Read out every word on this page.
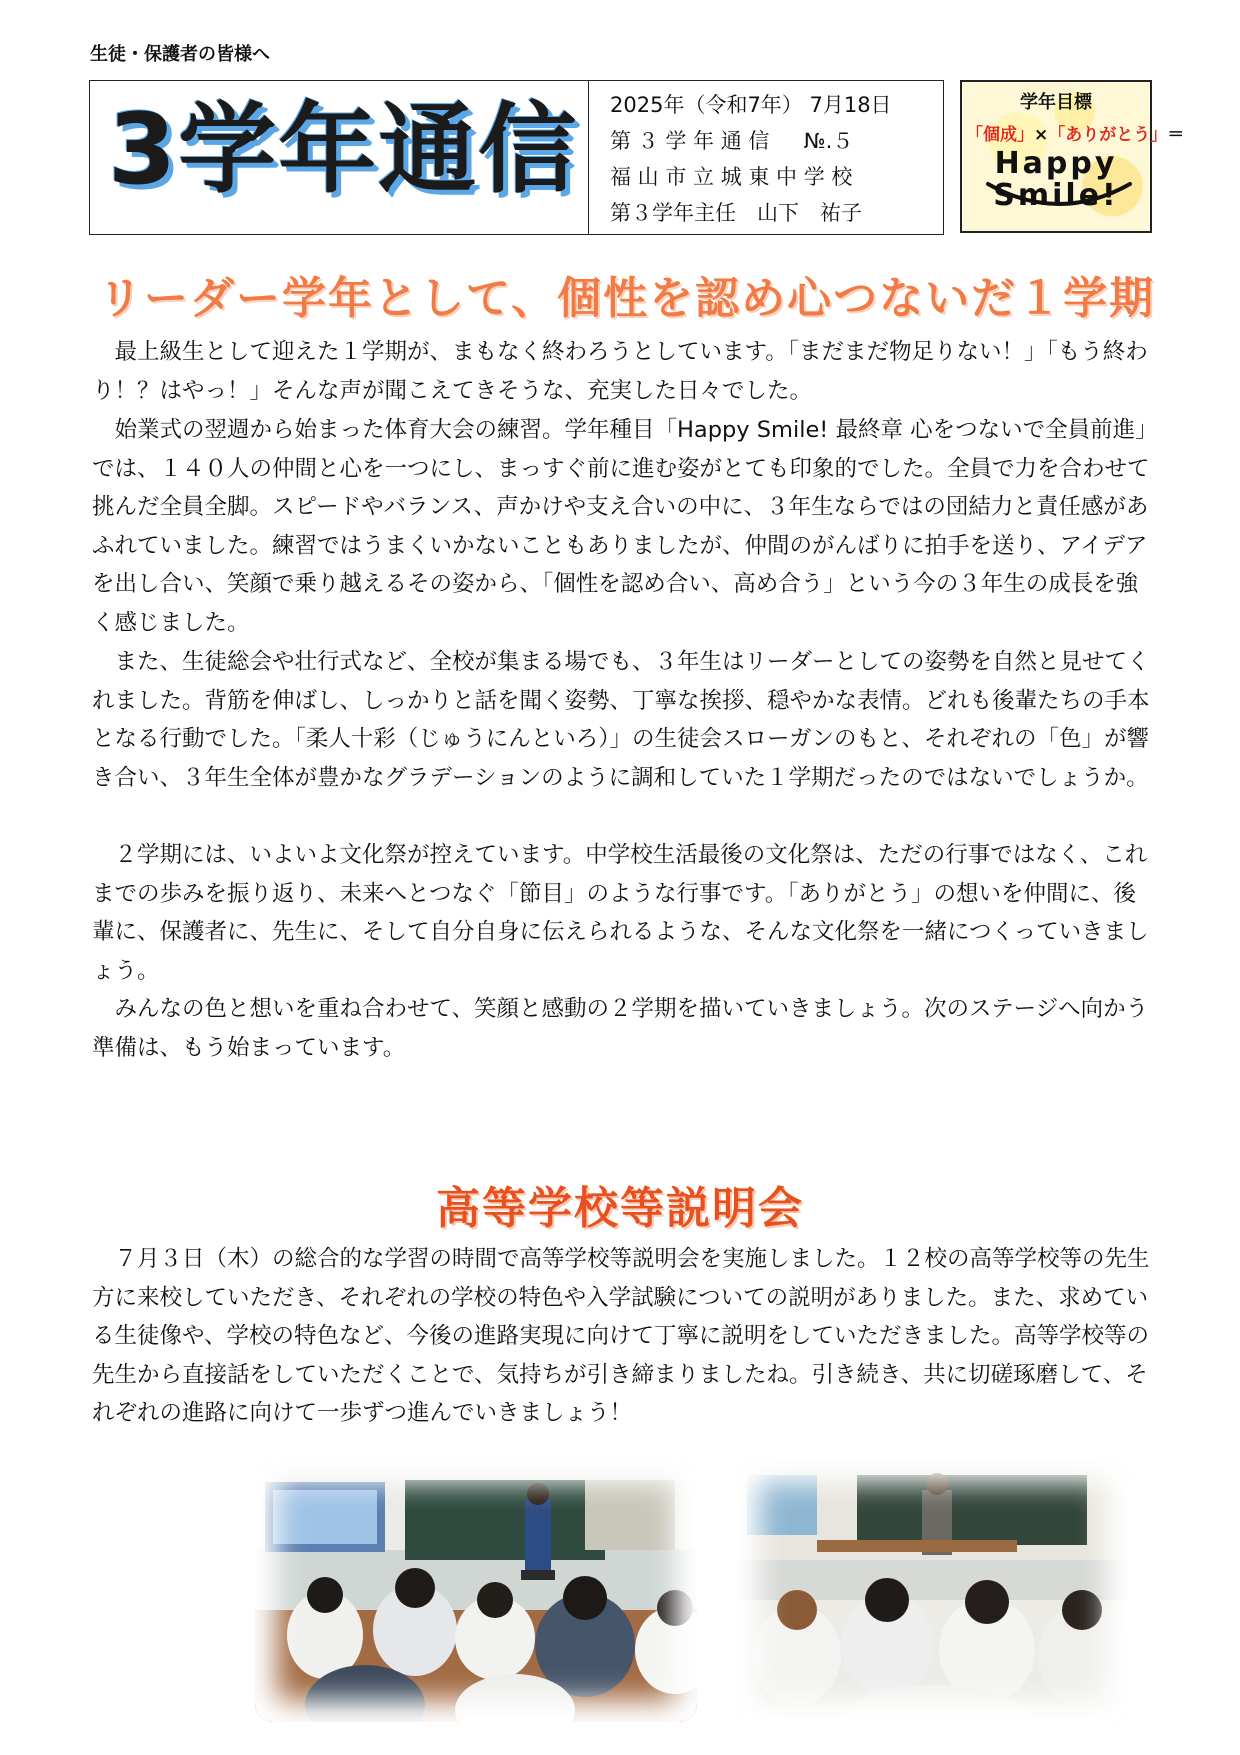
生徒・保護者の皆様へ
3学年通信 2025年（令和7年） 7月18日
第 ３ 学 年 通 信 　 №.５
福 山 市 立 城 東 中 学 校
第３学年主任　山下　祐子
学年目標
「個成」×「ありがとう」＝
Happy
Smile!
リーダー学年として、個性を認め心つないだ１学期
　最上級生として迎えた１学期が、まもなく終わろうとしています。「まだまだ物足りない！」「もう終わり！？はやっ！」そんな声が聞こえてきそうな、充実した日々でした。
　始業式の翌週から始まった体育大会の練習。学年種目「Happy Smile! 最終章 心をつないで全員前進」では、１４０人の仲間と心を一つにし、まっすぐ前に進む姿がとても印象的でした。全員で力を合わせて挑んだ全員全脚。スピードやバランス、声かけや支え合いの中に、３年生ならではの団結力と責任感があふれていました。練習ではうまくいかないこともありましたが、仲間のがんばりに拍手を送り、アイデアを出し合い、笑顔で乗り越えるその姿から、「個性を認め合い、高め合う」という今の３年生の成長を強く感じました。
　また、生徒総会や壮行式など、全校が集まる場でも、３年生はリーダーとしての姿勢を自然と見せてくれました。背筋を伸ばし、しっかりと話を聞く姿勢、丁寧な挨拶、穏やかな表情。どれも後輩たちの手本となる行動でした。「柔人十彩（じゅうにんといろ）」の生徒会スローガンのもと、それぞれの「色」が響き合い、３年生全体が豊かなグラデーションのように調和していた１学期だったのではないでしょうか。
　２学期には、いよいよ文化祭が控えています。中学校生活最後の文化祭は、ただの行事ではなく、これまでの歩みを振り返り、未来へとつなぐ「節目」のような行事です。「ありがとう」の想いを仲間に、後輩に、保護者に、先生に、そして自分自身に伝えられるような、そんな文化祭を一緒につくっていきましょう。
　みんなの色と想いを重ね合わせて、笑顔と感動の２学期を描いていきましょう。次のステージへ向かう準備は、もう始まっています。
高等学校等説明会
　７月３日（木）の総合的な学習の時間で高等学校等説明会を実施しました。１２校の高等学校等の先生方に来校していただき、それぞれの学校の特色や入学試験についての説明がありました。また、求めている生徒像や、学校の特色など、今後の進路実現に向けて丁寧に説明をしていただきました。高等学校等の先生から直接話をしていただくことで、気持ちが引き締まりましたね。引き続き、共に切磋琢磨して、それぞれの進路に向けて一歩ずつ進んでいきましょう！
